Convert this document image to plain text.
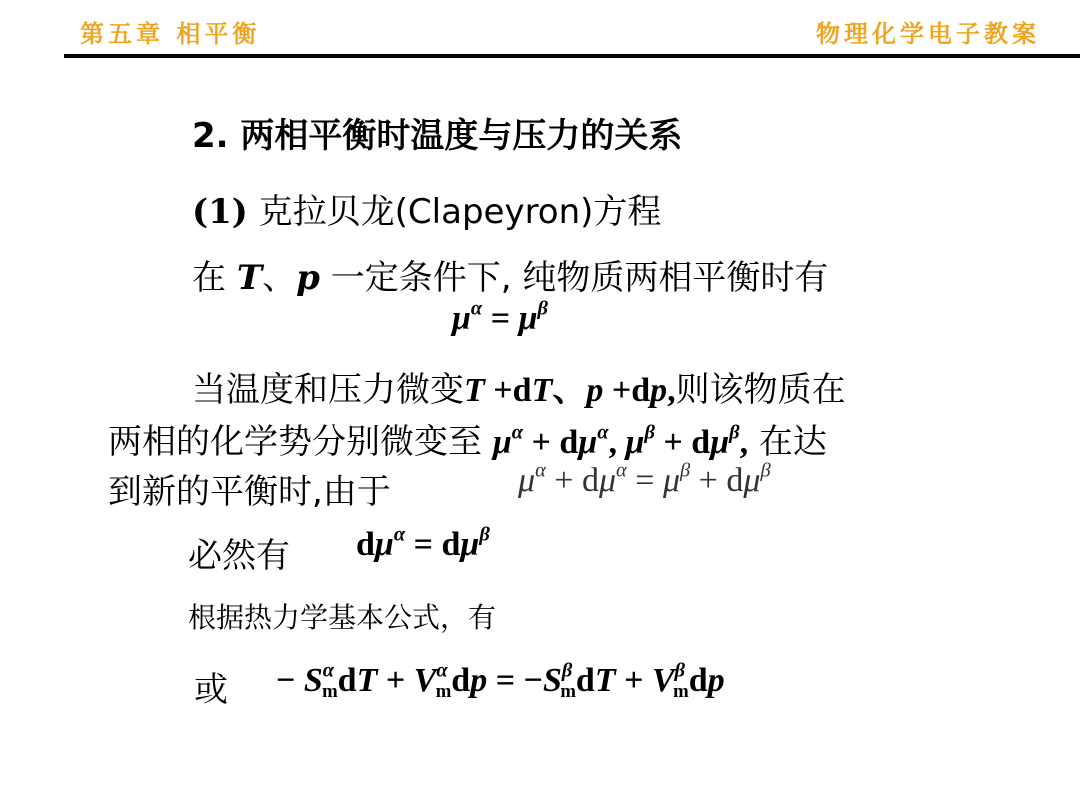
第五章 相平衡	物理化学电子教案
2. 两相平衡时温度与压力的关系
(1) 克拉贝龙(Clapeyron)方程
在 T、p 一定条件下, 纯物质两相平衡时有
$\mu^\alpha = \mu^\beta$
当温度和压力微变T +dT、p +dp,则该物质在
两相的化学势分别微变至 $\mu^\alpha + d\mu^\alpha$, $\mu^\beta + d\mu^\beta$, 在达
到新的平衡时,由于	$\mu^\alpha + d\mu^\alpha = \mu^\beta + d\mu^\beta$
必然有 $d\mu^\alpha = d\mu^\beta$
根据热力学基本公式，有
或 − $S^\alpha_mdT + V^\alpha_mdp = -S^\beta_mdT + V^\beta_mdp$
